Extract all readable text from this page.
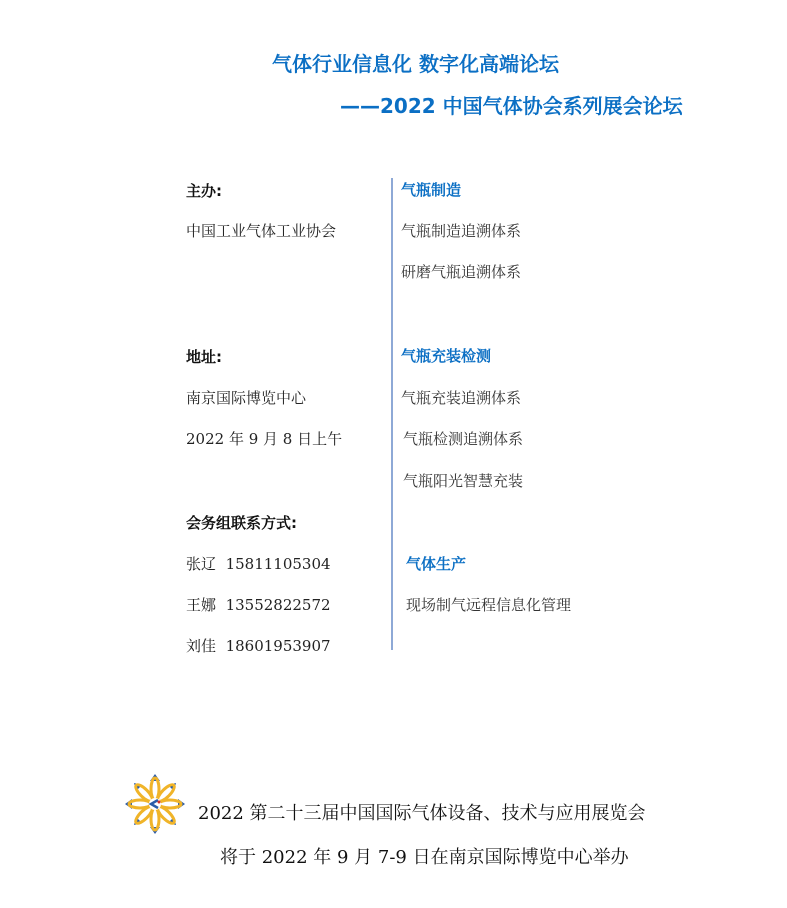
气体行业信息化 数字化高端论坛
——2022 中国气体协会系列展会论坛
主办:
中国工业气体工业协会
地址:
南京国际博览中心
2022 年 9 月 8 日上午
会务组联系方式:
张辽 15811105304
王娜 13552822572
刘佳 18601953907
气瓶制造
气瓶制造追溯体系
研磨气瓶追溯体系
气瓶充装检测
气瓶充装追溯体系
气瓶检测追溯体系
气瓶阳光智慧充装
气体生产
现场制气远程信息化管理
2022 第二十三届中国国际气体设备、技术与应用展览会
将于 2022 年 9 月 7-9 日在南京国际博览中心举办
